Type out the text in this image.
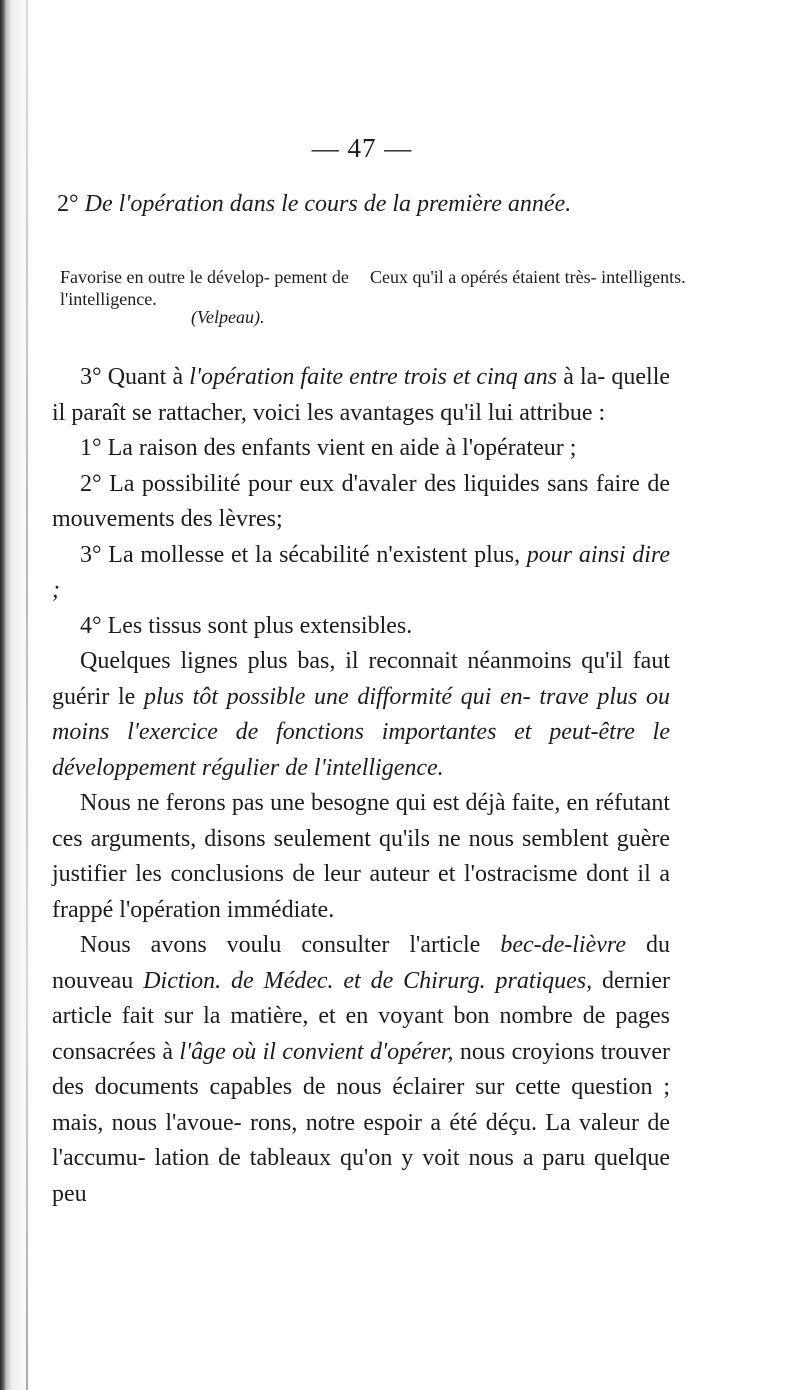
— 47 —
2° De l'opération dans le cours de la première année.
Favorise en outre le dévelop- pement de l'intelligence.
Ceux qu'il a opérés étaient très- intelligents.
(Velpeau).

3° Quant à l'opération faite entre trois et cinq ans à la- quelle il paraît se rattacher, voici les avantages qu'il lui attribue :

1° La raison des enfants vient en aide à l'opérateur ;

2° La possibilité pour eux d'avaler des liquides sans faire de mouvements des lèvres;

3° La mollesse et la sécabilité n'existent plus, pour ainsi dire ;

4° Les tissus sont plus extensibles.

Quelques lignes plus bas, il reconnait néanmoins qu'il faut guérir le plus tôt possible une difformité qui en- trave plus ou moins l'exercice de fonctions importantes et peut-être le développement régulier de l'intelligence.

Nous ne ferons pas une besogne qui est déjà faite, en réfutant ces arguments, disons seulement qu'ils ne nous semblent guère justifier les conclusions de leur auteur et l'ostracisme dont il a frappé l'opération immédiate.

Nous avons voulu consulter l'article bec-de-lièvre du nouveau Diction. de Médec. et de Chirurg. pratiques, dernier article fait sur la matière, et en voyant bon nombre de pages consacrées à l'âge où il convient d'opérer, nous croyions trouver des documents capables de nous éclairer sur cette question ; mais, nous l'avoue- rons, notre espoir a été déçu. La valeur de l'accumu- lation de tableaux qu'on y voit nous a paru quelque peu
